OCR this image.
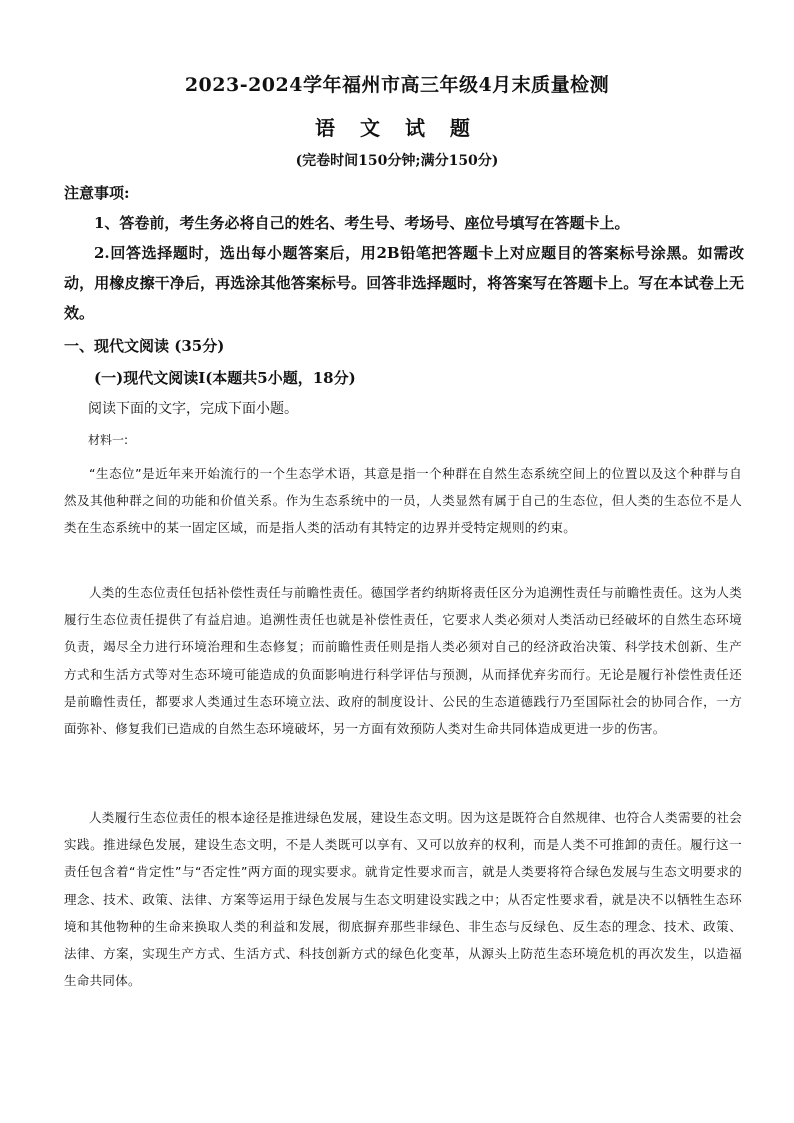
2023-2024学年福州市高三年级4月末质量检测
语 文 试 题
(完卷时间150分钟;满分150分)
注意事项:
1、答卷前，考生务必将自己的姓名、考生号、考场号、座位号填写在答题卡上。
2.回答选择题时，选出每小题答案后，用2B铅笔把答题卡上对应题目的答案标号涂黑。如需改动，用橡皮擦干净后，再选涂其他答案标号。回答非选择题时，将答案写在答题卡上。写在本试卷上无效。
一、现代文阅读 (35分)
(一)现代文阅读Ⅰ(本题共5小题，18分)
阅读下面的文字，完成下面小题。
材料一:
“生态位”是近年来开始流行的一个生态学术语，其意是指一个种群在自然生态系统空间上的位置以及这个种群与自然及其他种群之间的功能和价值关系。作为生态系统中的一员，人类显然有属于自己的生态位，但人类的生态位不是人类在生态系统中的某一固定区域，而是指人类的活动有其特定的边界并受特定规则的约束。
人类的生态位责任包括补偿性责任与前瞻性责任。德国学者约纳斯将责任区分为追溯性责任与前瞻性责任。这为人类履行生态位责任提供了有益启迪。追溯性责任也就是补偿性责任，它要求人类必须对人类活动已经破坏的自然生态环境负责，竭尽全力进行环境治理和生态修复；而前瞻性责任则是指人类必须对自己的经济政治决策、科学技术创新、生产方式和生活方式等对生态环境可能造成的负面影响进行科学评估与预测，从而择优弃劣而行。无论是履行补偿性责任还是前瞻性责任，都要求人类通过生态环境立法、政府的制度设计、公民的生态道德践行乃至国际社会的协同合作，一方面弥补、修复我们已造成的自然生态环境破坏，另一方面有效预防人类对生命共同体造成更进一步的伤害。
人类履行生态位责任的根本途径是推进绿色发展，建设生态文明。因为这是既符合自然规律、也符合人类需要的社会实践。推进绿色发展，建设生态文明，不是人类既可以享有、又可以放弃的权利，而是人类不可推卸的责任。履行这一责任包含着“肯定性”与“否定性”两方面的现实要求。就肯定性要求而言，就是人类要将符合绿色发展与生态文明要求的理念、技术、政策、法律、方案等运用于绿色发展与生态文明建设实践之中；从否定性要求看，就是决不以牺牲生态环境和其他物种的生命来换取人类的利益和发展，彻底摒弃那些非绿色、非生态与反绿色、反生态的理念、技术、政策、法律、方案，实现生产方式、生活方式、科技创新方式的绿色化变革，从源头上防范生态环境危机的再次发生，以造福生命共同体。
